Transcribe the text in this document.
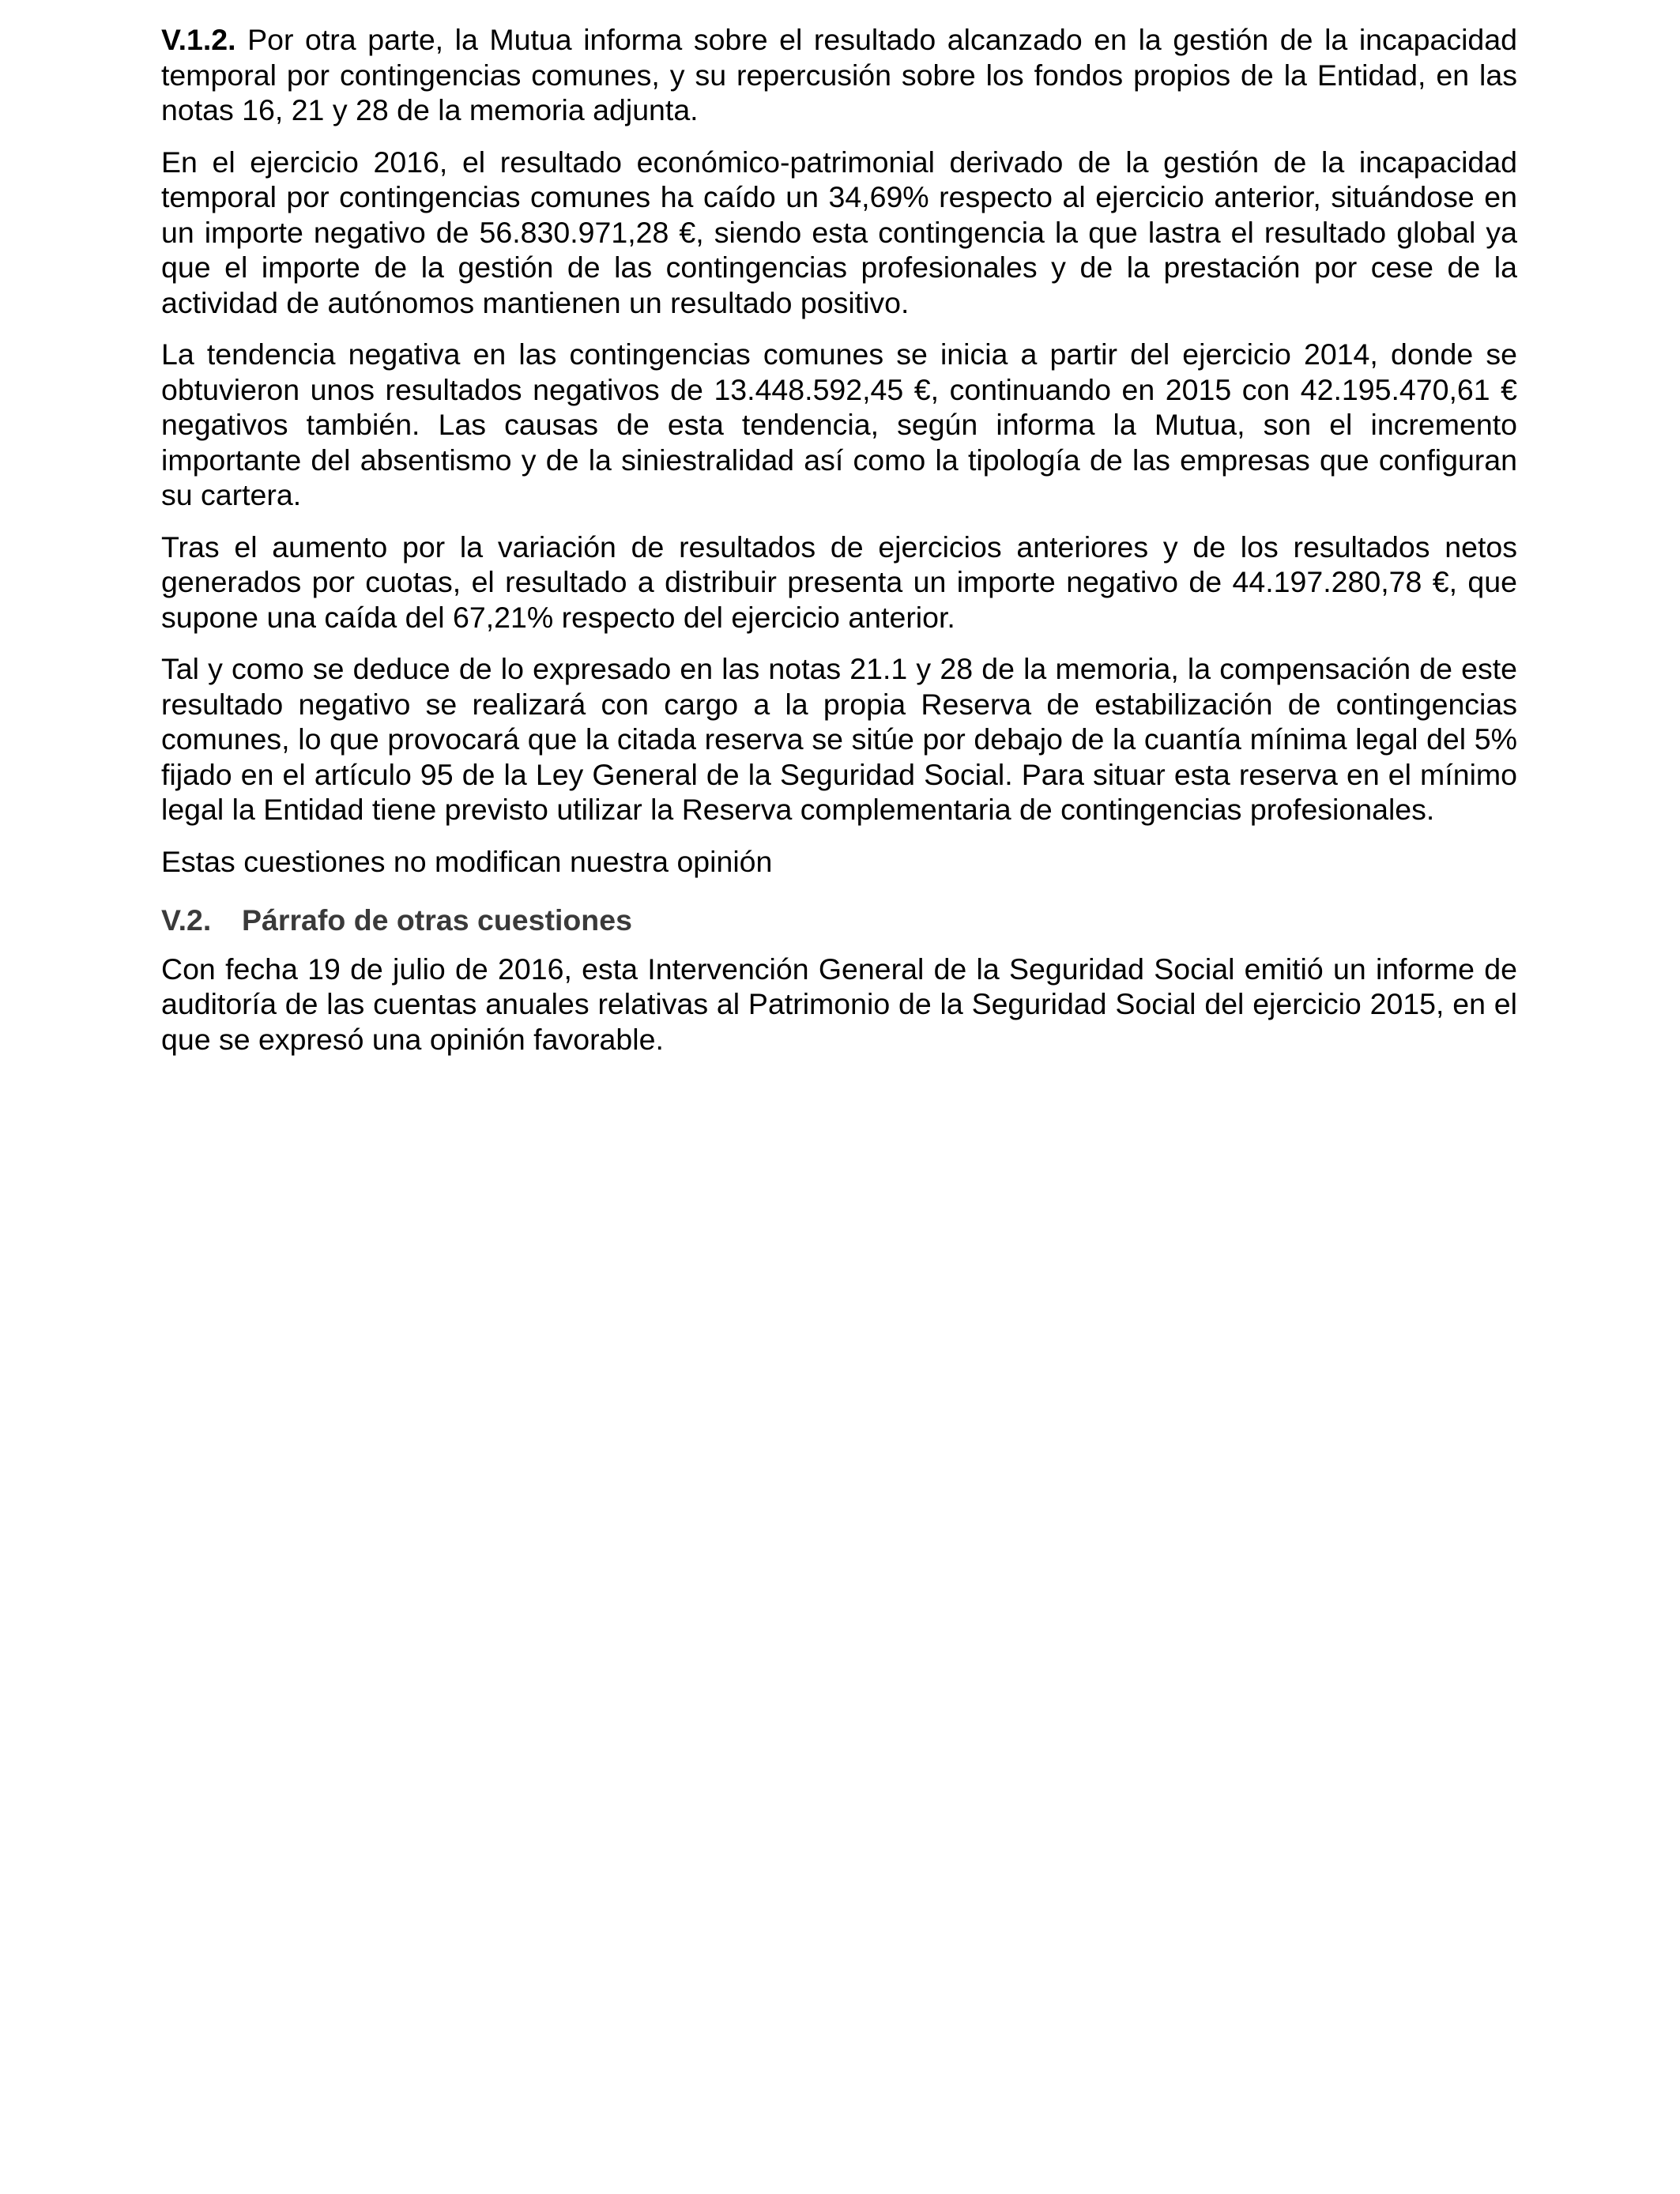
V.1.2. Por otra parte, la Mutua informa sobre el resultado alcanzado en la gestión de la incapacidad temporal por contingencias comunes, y su repercusión sobre los fondos propios de la Entidad, en las notas 16, 21 y 28 de la memoria adjunta.

En el ejercicio 2016, el resultado económico-patrimonial derivado de la gestión de la incapacidad temporal por contingencias comunes ha caído un 34,69% respecto al ejercicio anterior, situándose en un importe negativo de 56.830.971,28 €, siendo esta contingencia la que lastra el resultado global ya que el importe de la gestión de las contingencias profesionales y de la prestación por cese de la actividad de autónomos mantienen un resultado positivo.

La tendencia negativa en las contingencias comunes se inicia a partir del ejercicio 2014, donde se obtuvieron unos resultados negativos de 13.448.592,45 €, continuando en 2015 con 42.195.470,61 € negativos también. Las causas de esta tendencia, según informa la Mutua, son el incremento importante del absentismo y de la siniestralidad así como la tipología de las empresas que configuran su cartera.

Tras el aumento por la variación de resultados de ejercicios anteriores y de los resultados netos generados por cuotas, el resultado a distribuir presenta un importe negativo de 44.197.280,78 €, que supone una caída del 67,21% respecto del ejercicio anterior.

Tal y como se deduce de lo expresado en las notas 21.1 y 28 de la memoria, la compensación de este resultado negativo se realizará con cargo a la propia Reserva de estabilización de contingencias comunes, lo que provocará que la citada reserva se sitúe por debajo de la cuantía mínima legal del 5% fijado en el artículo 95 de la Ley General de la Seguridad Social. Para situar esta reserva en el mínimo legal la Entidad tiene previsto utilizar la Reserva complementaria de contingencias profesionales.

Estas cuestiones no modifican nuestra opinión

V.2. Párrafo de otras cuestiones

Con fecha 19 de julio de 2016, esta Intervención General de la Seguridad Social emitió un informe de auditoría de las cuentas anuales relativas al Patrimonio de la Seguridad Social del ejercicio 2015, en el que se expresó una opinión favorable.
